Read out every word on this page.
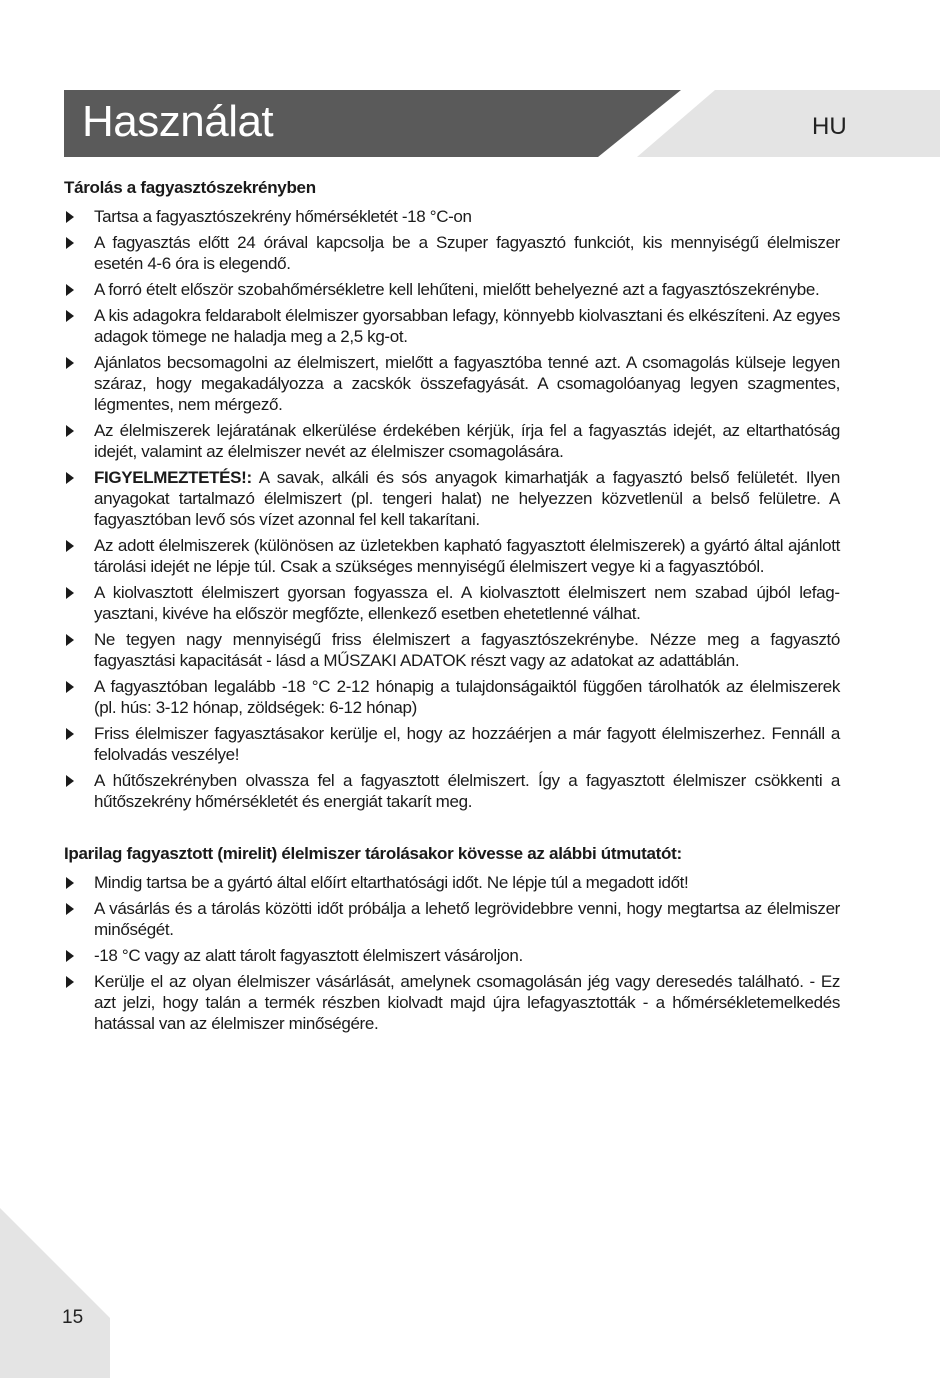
Használat	HU
Tárolás a fagyasztószekrényben
Tartsa a fagyasztószekrény hőmérsékletét -18 °C-on
A fagyasztás előtt 24 órával kapcsolja be a Szuper fagyasztó funkciót, kis mennyiségű élelmiszer esetén 4-6 óra is elegendő.
A forró ételt először szobahőmérsékletre kell lehűteni, mielőtt behelyezné azt a fagyasztószekrénybe.
A kis adagokra feldarabolt élelmiszer gyorsabban lefagy, könnyebb kiolvasztani és elkészíteni. Az egyes adagok tömege ne haladja meg a 2,5 kg-ot.
Ajánlatos becsomagolni az élelmiszert, mielőtt a fagyasztóba tenné azt. A csomagolás külseje legyen száraz, hogy megakadályozza a zacskók összefagyását. A csomagolóanyag legyen szagmentes, légmentes, nem mérgező.
Az élelmiszerek lejáratának elkerülése érdekében kérjük, írja fel a fagyasztás idejét, az eltarthatóság idejét, valamint az élelmiszer nevét az élelmiszer csomagolására.
FIGYELMEZTETÉS!: A savak, alkáli és sós anyagok kimarhatják a fagyasztó belső felületét. Ilyen anyagokat tartalmazó élelmiszert (pl. tengeri halat) ne helyezzen közvetlenül a belső felületre. A fagyasztóban levő sós vízet azonnal fel kell takarítani.
Az adott élelmiszerek (különösen az üzletekben kapható fagyasztott élelmiszerek) a gyártó által ajánlott tárolási idejét ne lépje túl. Csak a szükséges mennyiségű élelmiszert vegye ki a fagyasztóból.
A kiolvasztott élelmiszert gyorsan fogyassza el. A kiolvasztott élelmiszert nem szabad újból lefagyasztani, kivéve ha először megfőzte, ellenkező esetben ehetetlenné válhat.
Ne tegyen nagy mennyiségű friss élelmiszert a fagyasztószekrénybe. Nézze meg a fagyasztó fagyasztási kapacitását - lásd a MŰSZAKI ADATOK részt vagy az adatokat az adattáblán.
A fagyasztóban legalább -18 °C 2-12 hónapig a tulajdonságaiktól függően tárolhatók az élelmiszerek (pl. hús: 3-12 hónap, zöldségek: 6-12 hónap)
Friss élelmiszer fagyasztásakor kerülje el, hogy az hozzáérjen a már fagyott élelmiszerhez. Fennáll a felolvadás veszélye!
A hűtőszekrényben olvassza fel a fagyasztott élelmiszert. Így a fagyasztott élelmiszer csökkenti a hűtőszekrény hőmérsékletét és energiát takarít meg.
Iparilag fagyasztott (mirelit) élelmiszer tárolásakor kövesse az alábbi útmutatót:
Mindig tartsa be a gyártó által előírt eltarthatósági időt. Ne lépje túl a megadott időt!
A vásárlás és a tárolás közötti időt próbálja a lehető legrövidebbre venni, hogy megtartsa az élelmiszer minőségét.
-18 °C vagy az alatt tárolt fagyasztott élelmiszert vásároljon.
Kerülje el az olyan élelmiszer vásárlását, amelynek csomagolásán jég vagy deresedés található. - Ez azt jelzi, hogy talán a termék részben kiolvadt majd újra lefagyasztották - a hőmérsékletemelkedés hatással van az élelmiszer minőségére.
15
